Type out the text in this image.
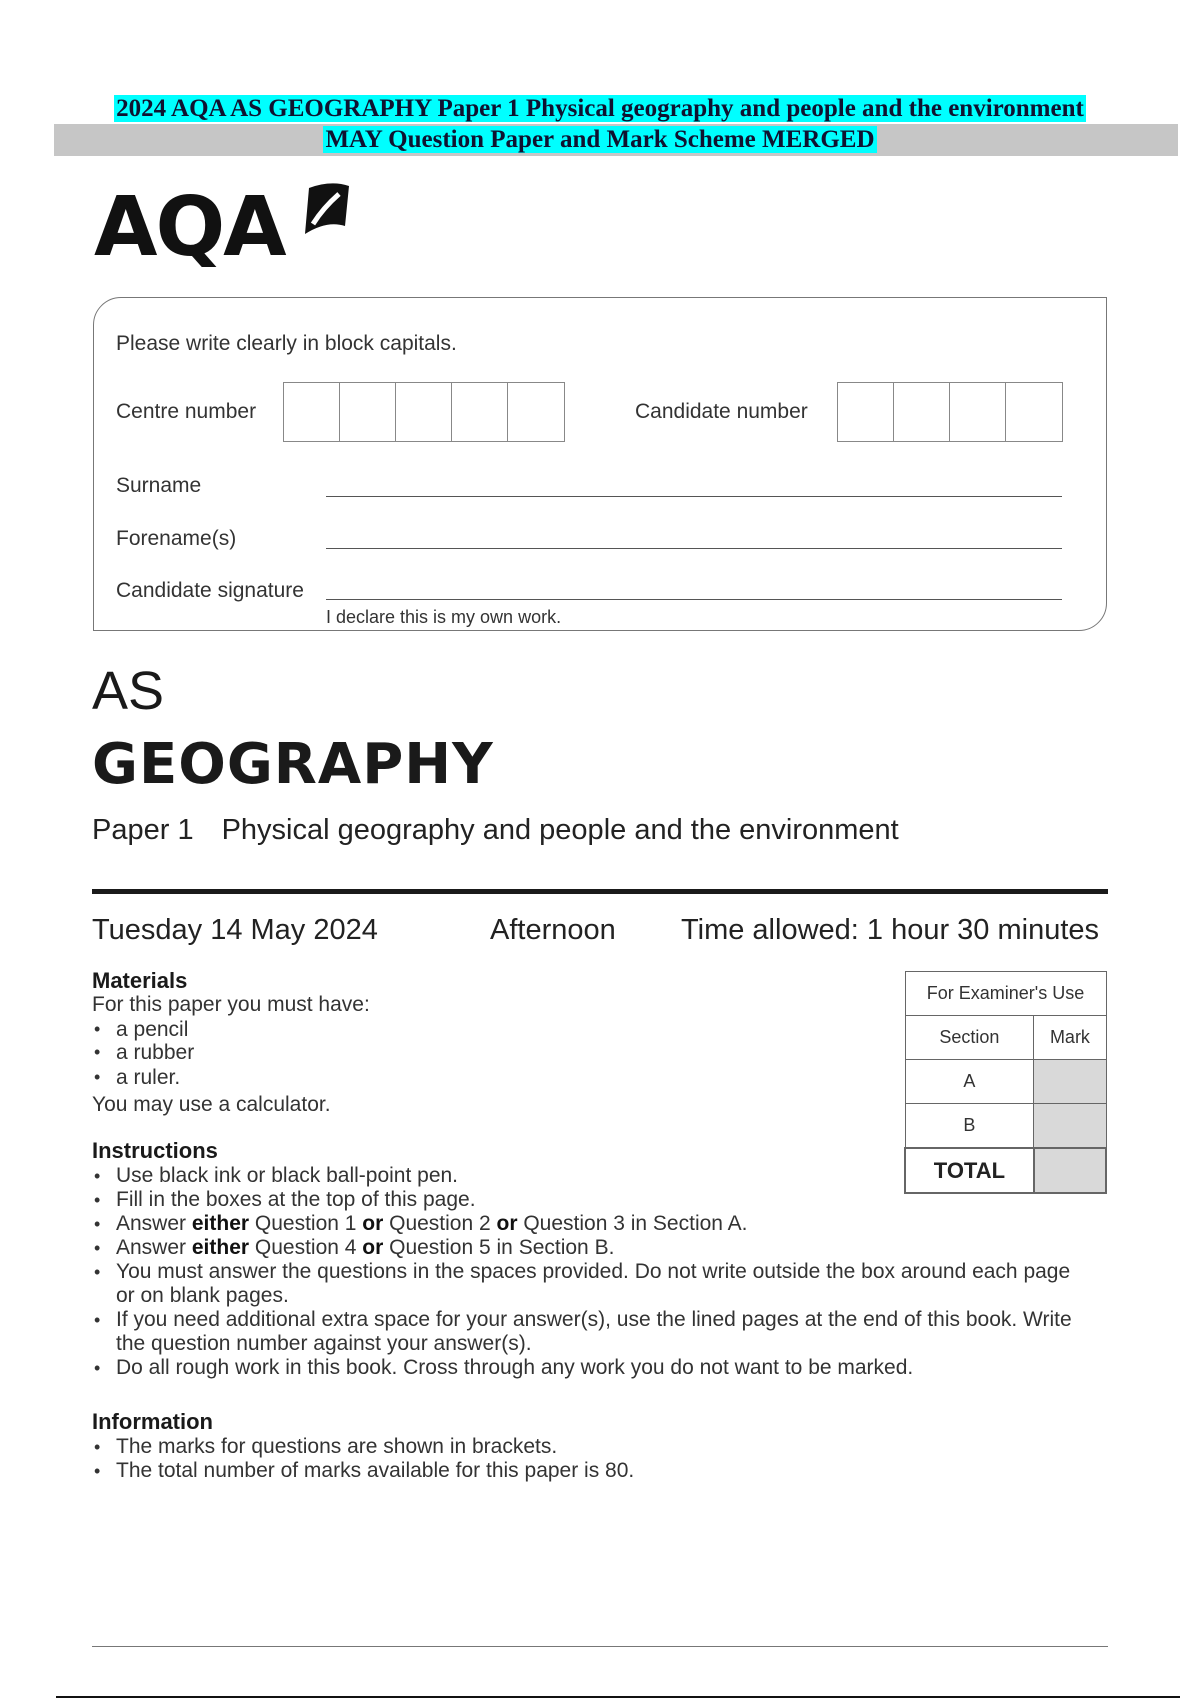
2024 AQA AS GEOGRAPHY Paper 1 Physical geography and people and the environment
MAY Question Paper and Mark Scheme MERGED
AQA
Please write clearly in block capitals.
Centre number	Candidate number
Surname
Forename(s)
Candidate signature
I declare this is my own work.
AS
GEOGRAPHY
Paper 1 Physical geography and people and the environment
Tuesday 14 May 2024	Afternoon Time allowed: 1 hour 30 minutes
Materials
For this paper you must have:
• a pencil
• a rubber
• a ruler.
You may use a calculator.
For Examiner's Use	
Section	Mark
A	
B	
TOTAL	
Instructions
• Use black ink or black ball-point pen.
• Fill in the boxes at the top of this page.
• Answer either Question 1 or Question 2 or Question 3 in Section A.
• Answer either Question 4 or Question 5 in Section B.
• You must answer the questions in the spaces provided. Do not write outside the box around each page or on blank pages.
• If you need additional extra space for your answer(s), use the lined pages at the end of this book. Write the question number against your answer(s).
• Do all rough work in this book. Cross through any work you do not want to be marked.
Information
• The marks for questions are shown in brackets.
• The total number of marks available for this paper is 80.
